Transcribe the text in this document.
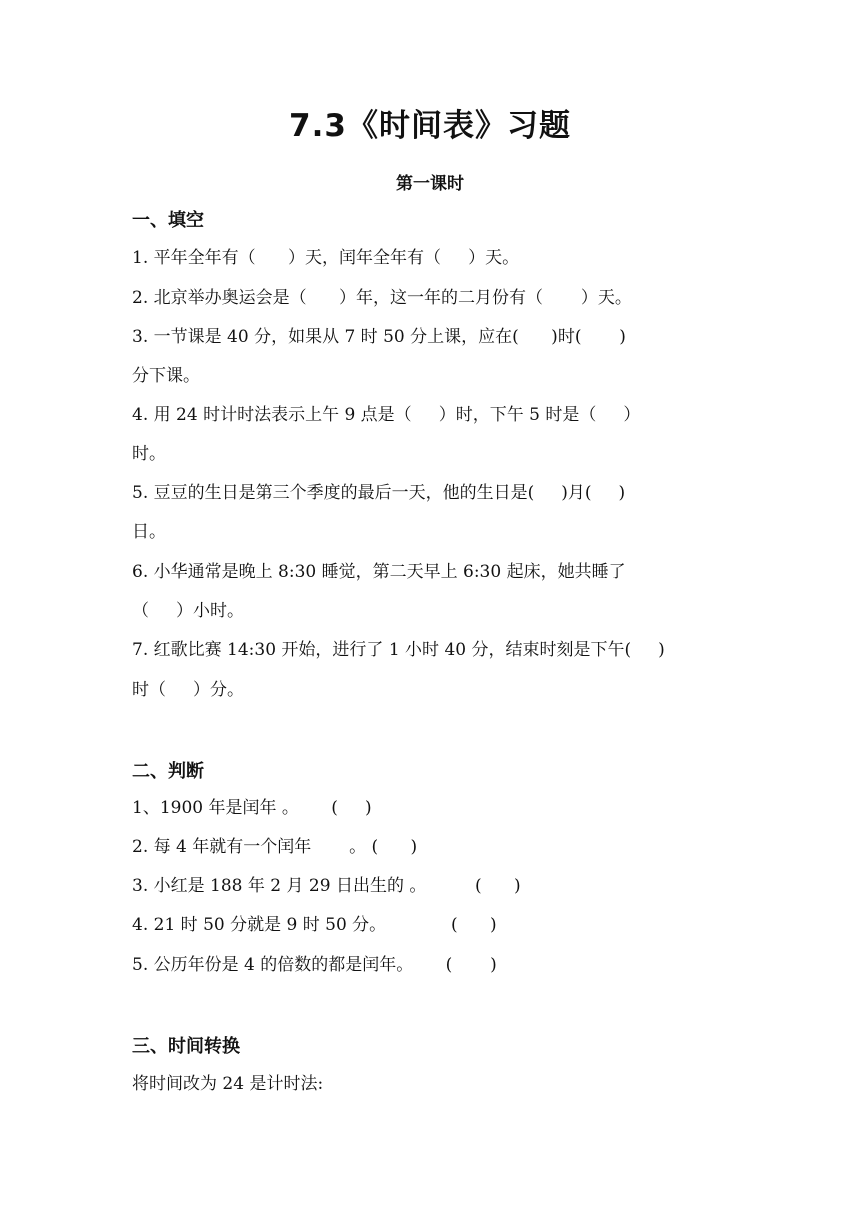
7.3《时间表》习题
第一课时
一、填空
1. 平年全年有（      ）天，闰年全年有（     ）天。
2. 北京举办奥运会是（      ）年，这一年的二月份有（       ）天。
3. 一节课是 40 分，如果从 7 时 50 分上课，应在(      )时(       )
分下课。
4. 用 24 时计时法表示上午 9 点是（     ）时，下午 5 时是（     ）
时。
5. 豆豆的生日是第三个季度的最后一天，他的生日是(     )月(     )
日。
6. 小华通常是晚上 8:30 睡觉，第二天早上 6:30 起床，她共睡了
（     ）小时。
7. 红歌比赛 14:30 开始，进行了 1 小时 40 分，结束时刻是下午(     )
时（     ）分。
二、判断
1、1900 年是闰年 。      (     )
2. 每 4 年就有一个闰年       。 (      )
3. 小红是 188 年 2 月 29 日出生的 。         (      )
4. 21 时 50 分就是 9 时 50 分。            (      )
5. 公历年份是 4 的倍数的都是闰年。      (       )
三、时间转换
将时间改为 24 是计时法:
